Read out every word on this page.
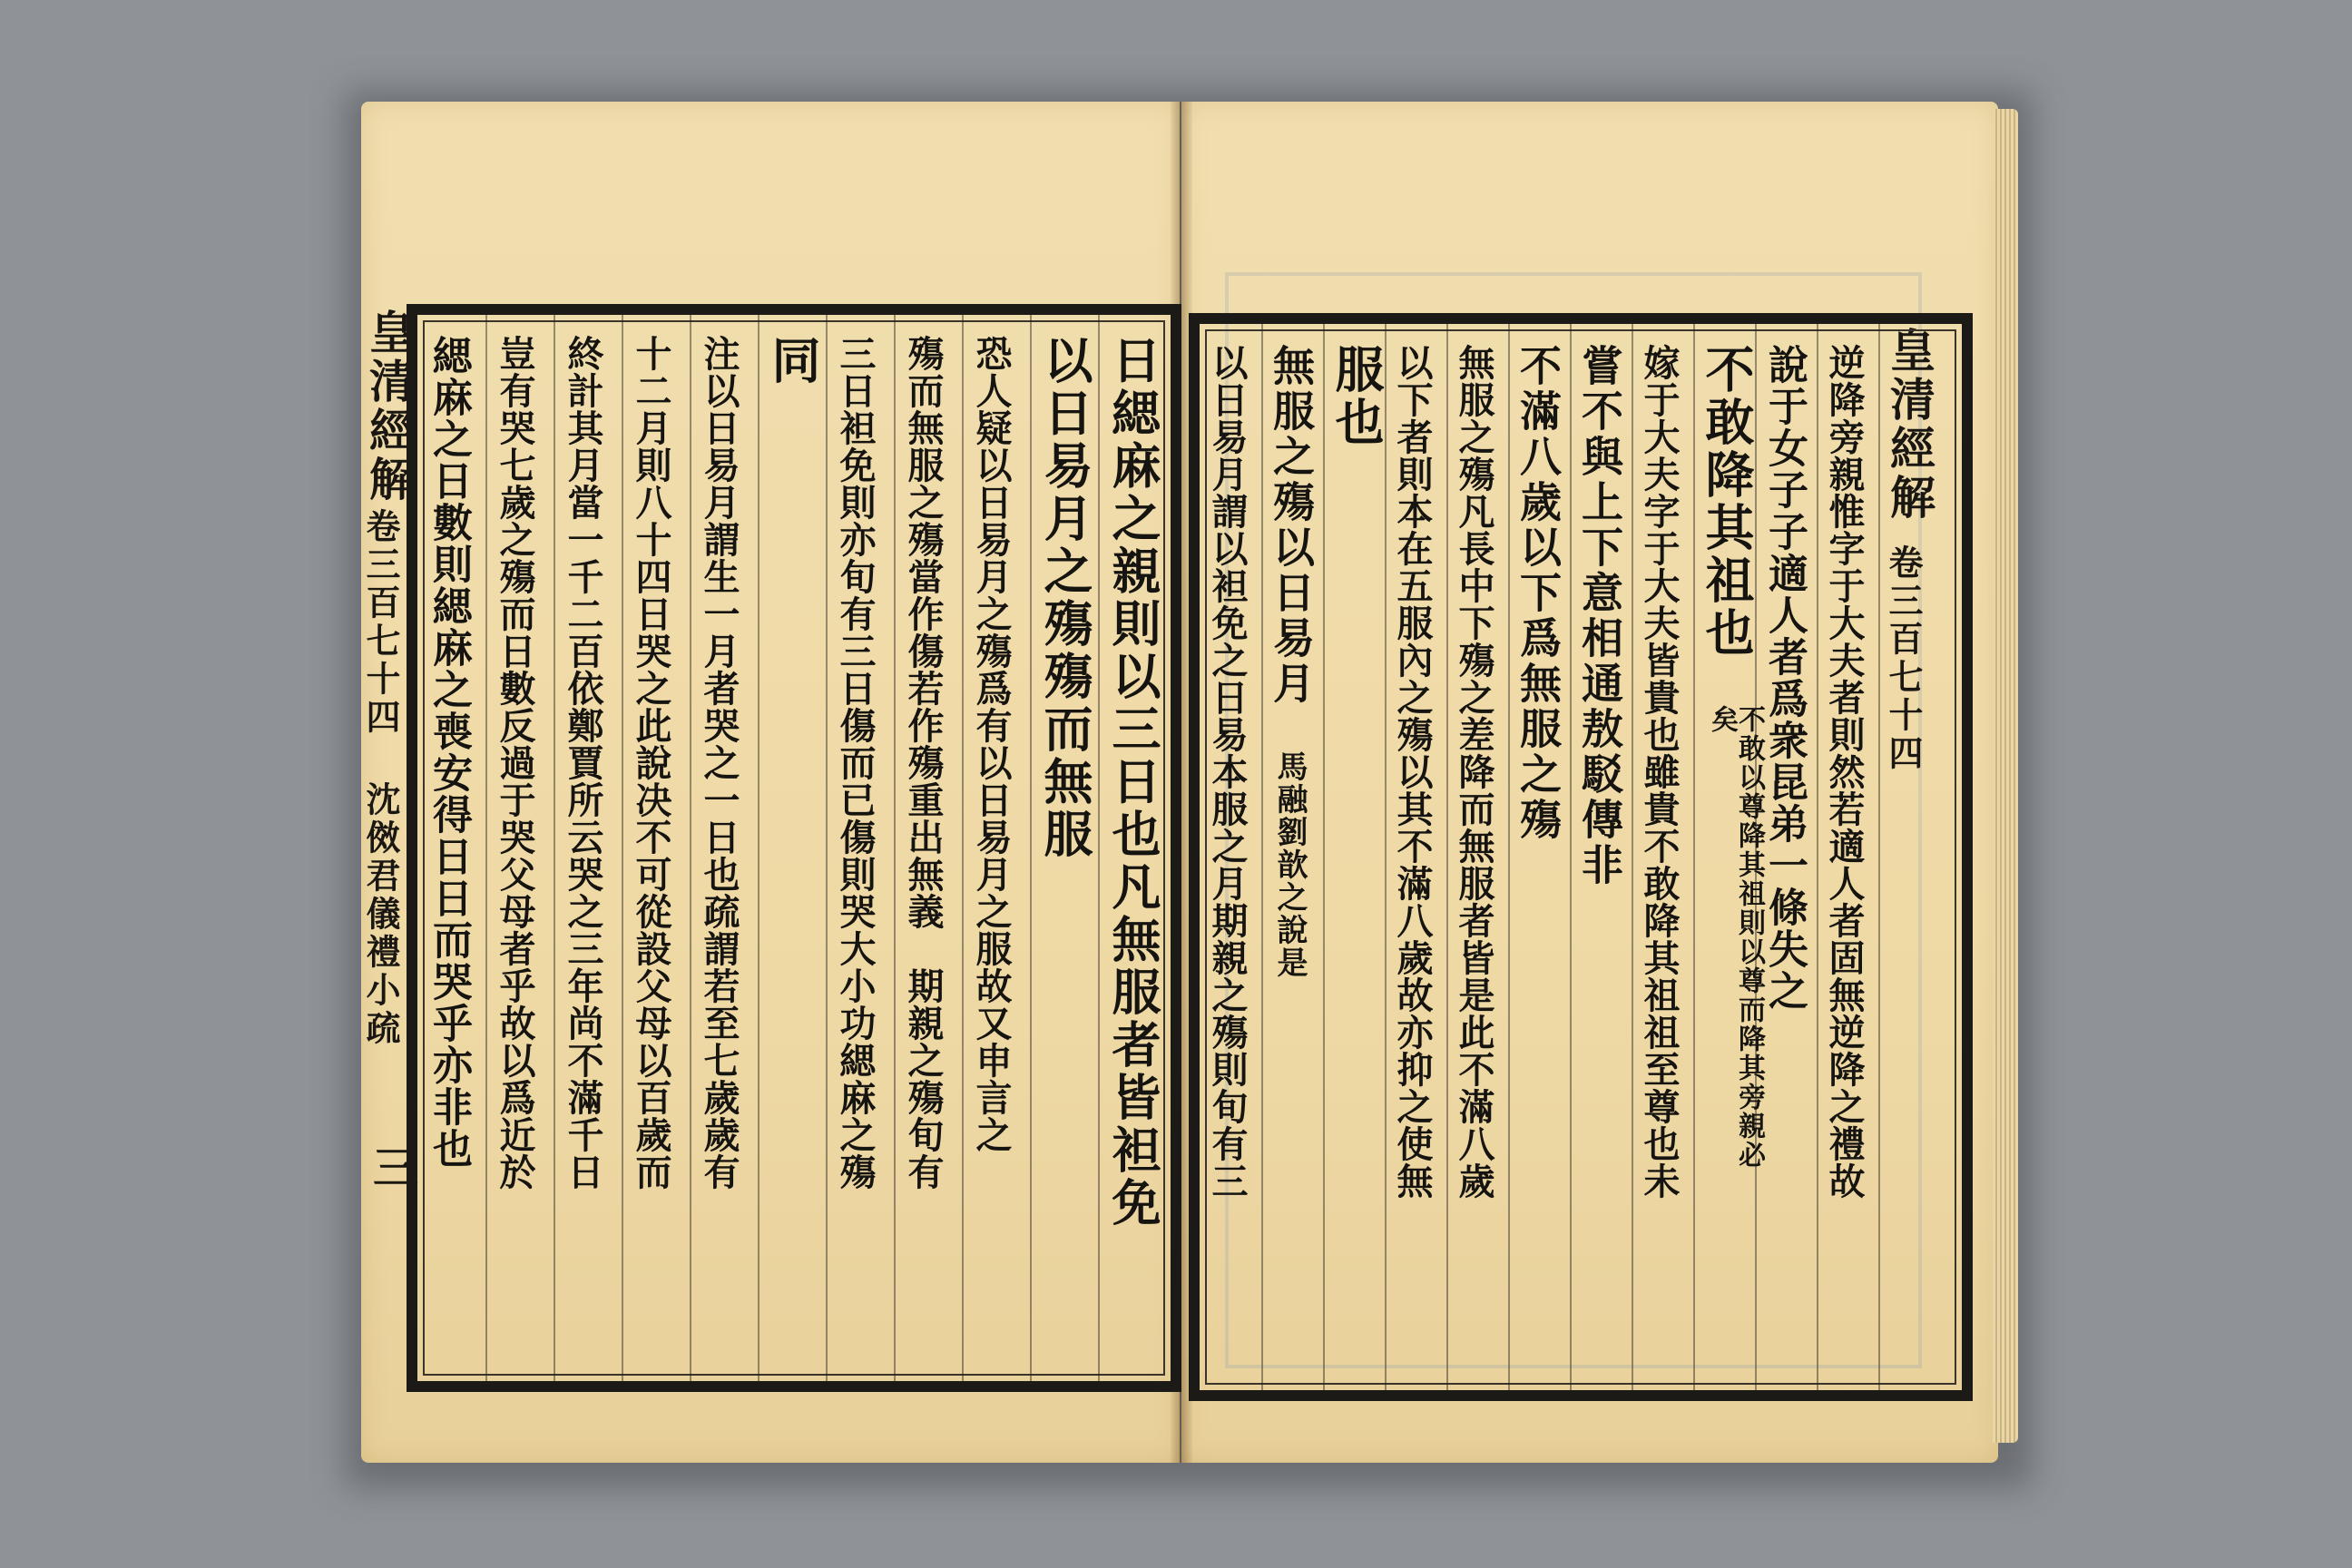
皇清經解
卷三百七十四 沈傚君儀禮小疏
三	日緦麻之親則以三日也凡無服者皆袒免
以日易月之殤殤而無服
恐人疑以日易月之殤爲有以日易月之服故又申言之
殤而無服之殤當作傷若作殤重出無義　期親之殤旬有
三日袒免則亦旬有三日傷而已傷則哭大小功緦麻之殤
同
注以日易月謂生一月者哭之一日也疏謂若至七歲歲有
十二月則八十四日哭之此說决不可從設父母以百歲而
終計其月當一千二百依鄭賈所云哭之三年尚不滿千日
豈有哭七歲之殤而日數反過于哭父母者乎故以爲近於
緦麻之日數則緦麻之喪安得日日而哭乎亦非也	皇清經解
卷三百七十四
逆降旁親惟字于大夫者則然若適人者固無逆降之禮故
說于女子子適人者爲衆昆弟一條失之
不敢降其祖也
不敢以尊降其祖則以尊而降其旁親必矣
嫁于大夫字于大夫皆貴也雖貴不敢降其祖祖至尊也未
嘗不與上下意相通敖駁傳非
不滿八歲以下爲無服之殤
無服之殤凡長中下殤之差降而無服者皆是此不滿八歲
以下者則本在五服內之殤以其不滿八歲故亦抑之使無
服也
無服之殤以日易月
馬融劉歆之說是
以日易月謂以袒免之日易本服之月期親之殤則旬有三
